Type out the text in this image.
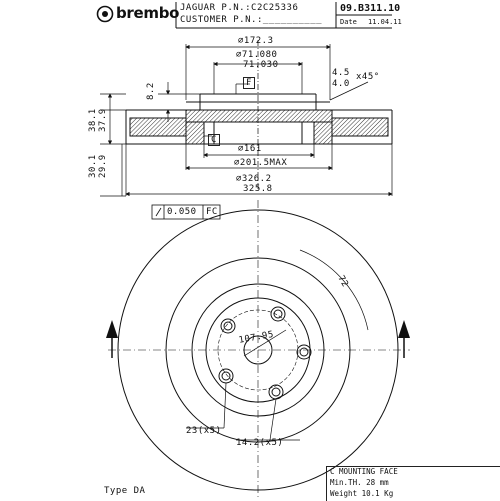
brembo JAGUAR P.N.:C2C25336
CUSTOMER P.N.:__________
09.B311.10
Date 11.04.11
⌀172.3
⌀71.080
71.030
4.5
4.0
x45°
F
C
8.2
38.1 37.9
⌀161
⌀201.5MAX
30.1 29.9
⌀326.2
325.8
0.050 FC
72
107.95
23(x5)
14.2(x5)
Type DA
C MOUNTING FACE
Min.TH. 28 mm
Weight 10.1 Kg
